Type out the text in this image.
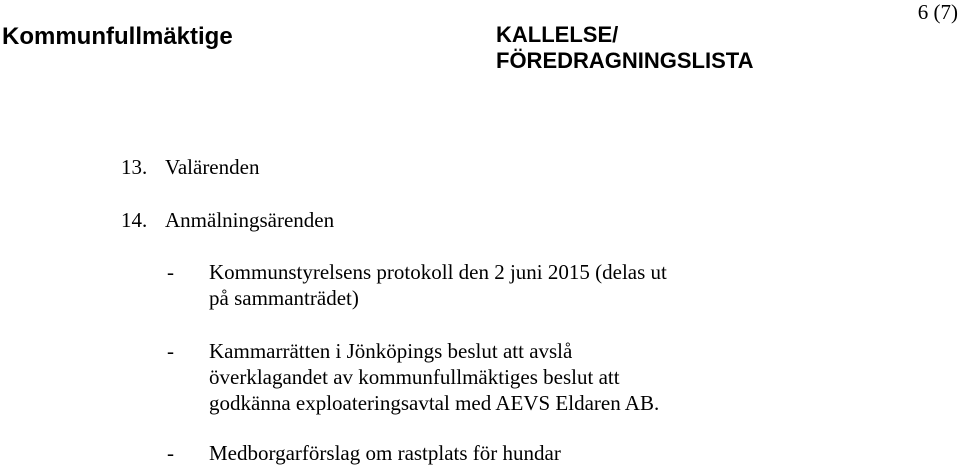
Kommunfullmäktige	KALLELSE/
FÖREDRAGNINGSLISTA
6 (7)
13. Valärenden
14. Anmälningsärenden
- Kommunstyrelsens protokoll den 2 juni 2015 (delas ut
på sammanträdet)
- Kammarrätten i Jönköpings beslut att avslå
överklagandet av kommunfullmäktiges beslut att
godkänna exploateringsavtal med AEVS Eldaren AB.
- Medborgarförslag om rastplats för hundar
